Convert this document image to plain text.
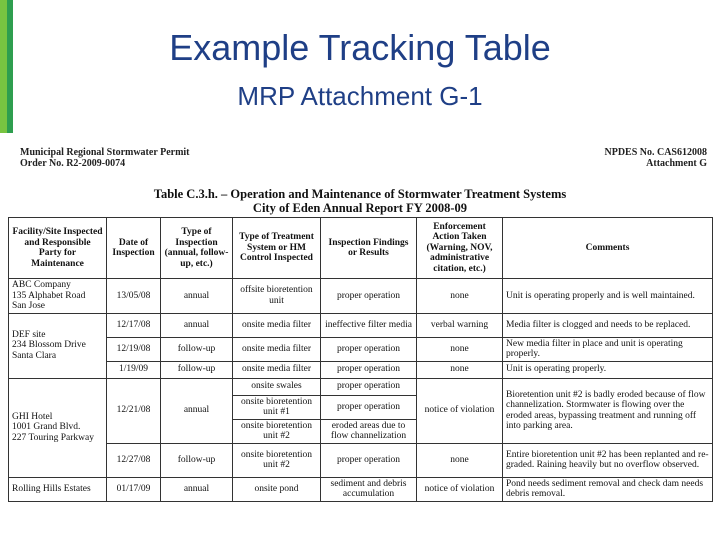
Example Tracking Table
MRP Attachment G-1
Municipal Regional Stormwater Permit
Order No. R2-2009-0074
NPDES No. CAS612008
Attachment G
Table C.3.h. – Operation and Maintenance of Stormwater Treatment Systems
City of Eden Annual Report FY 2008-09
Facility/Site Inspected and Responsible Party for Maintenance	Date of Inspection	Type of Inspection (annual, follow-up, etc.)	Type of Treatment System or HM Control Inspected	Inspection Findings or Results	Enforcement Action Taken (Warning, NOV, administrative citation, etc.)	Comments

ABC Company
135 Alphabet Road
San Jose	13/05/08	annual	offsite bioretention unit	proper operation	none	Unit is operating properly and is well maintained.

DEF site
234 Blossom Drive
Santa Clara	12/17/08	annual	onsite media filter	ineffective filter media	verbal warning	Media filter is clogged and needs to be replaced.
	12/19/08	follow-up	onsite media filter	proper operation	none	New media filter in place and unit is operating properly.
	1/19/09	follow-up	onsite media filter	proper operation	none	Unit is operating properly.

GHI Hotel
1001 Grand Blvd.
227 Touring Parkway	12/21/08	annual	onsite swales	proper operation	notice of violation	Bioretention unit #2 is badly eroded because of flow channelization. Stormwater is flowing over the eroded areas, bypassing treatment and running off into parking area.
			onsite bioretention unit #1	proper operation		
			onsite bioretention unit #2	eroded areas due to flow channelization		
	12/27/08	follow-up	onsite bioretention unit #2	proper operation	none	Entire bioretention unit #2 has been replanted and re-graded. Raining heavily but no overflow observed.

Rolling Hills Estates	01/17/09	annual	onsite pond	sediment and debris accumulation	notice of violation	Pond needs sediment removal and check dam needs debris removal.
